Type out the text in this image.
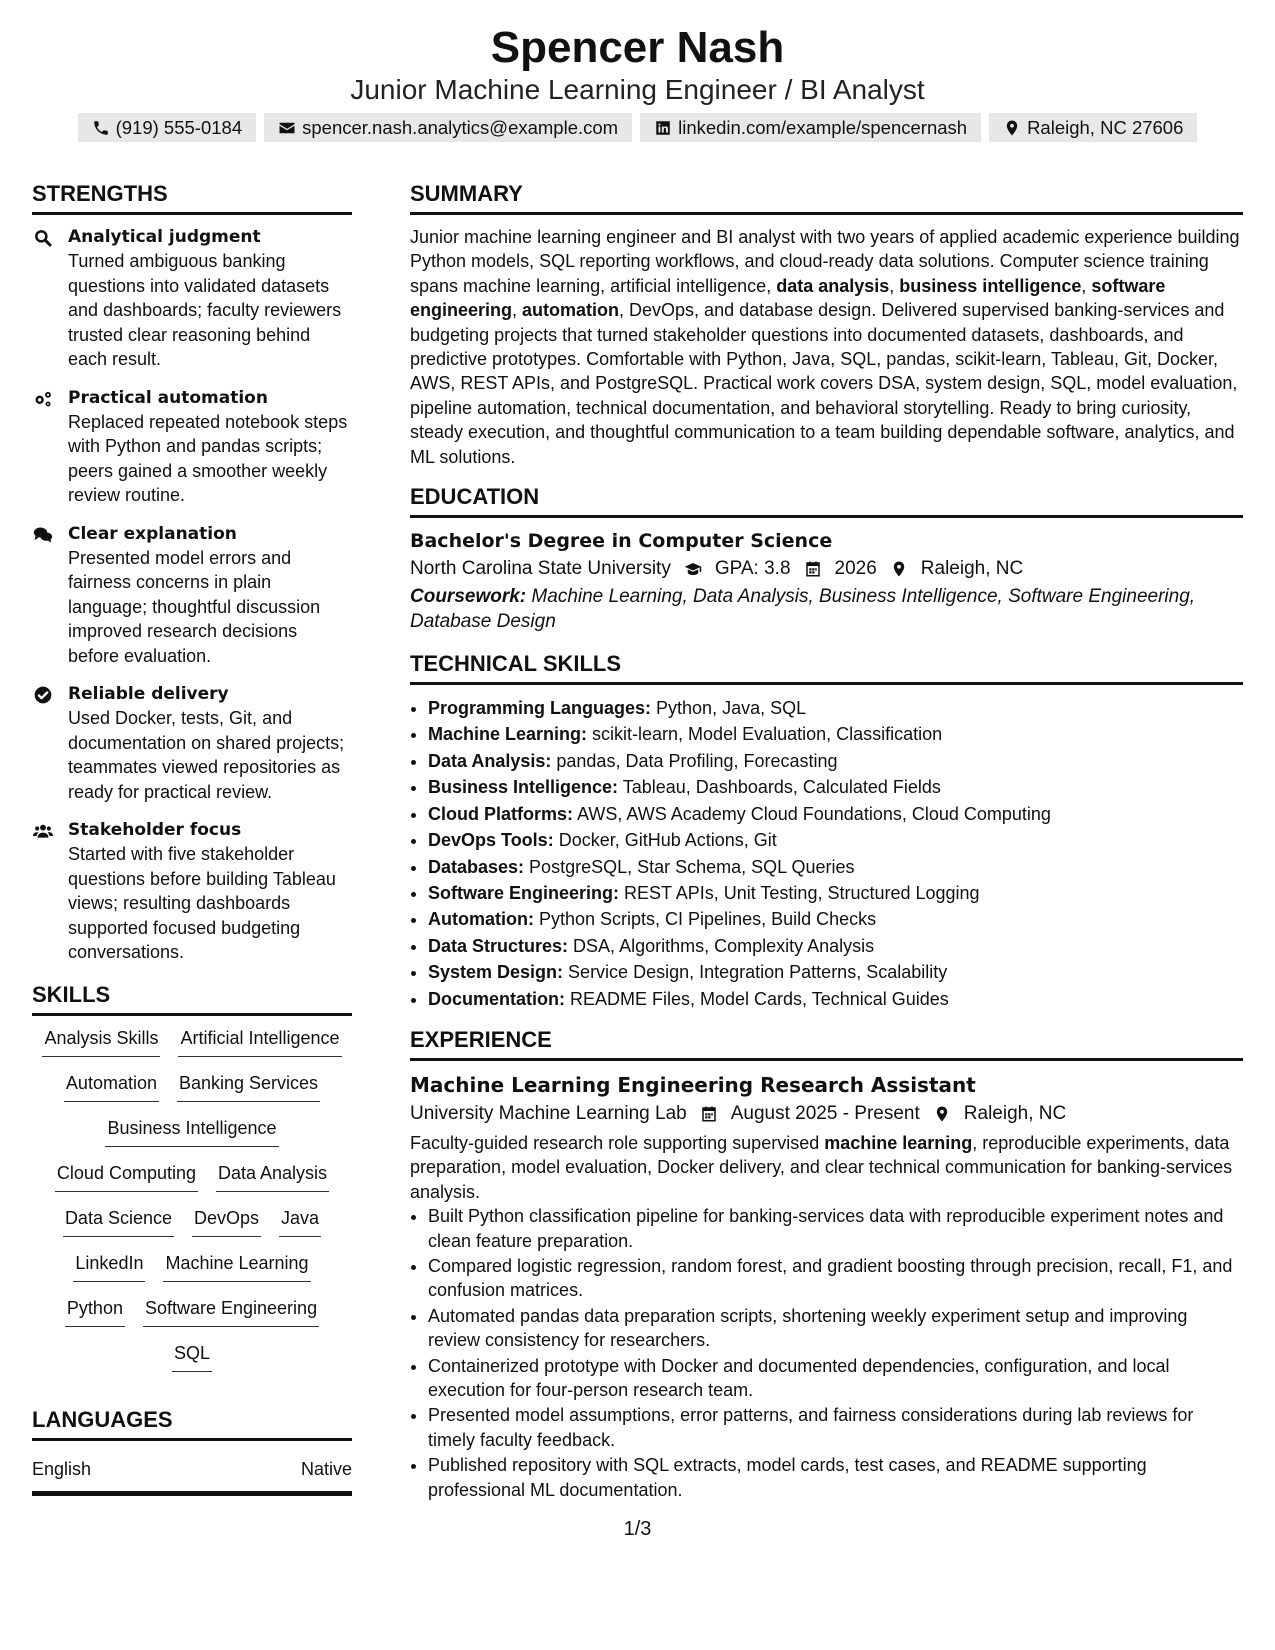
Spencer Nash
Junior Machine Learning Engineer / BI Analyst
(919) 555-0184	spencer.nash.analytics@example.com	linkedin.com/example/spencernash	Raleigh, NC 27606
STRENGTHS
Analytical judgment
Turned ambiguous banking questions into validated datasets and dashboards; faculty reviewers trusted clear reasoning behind each result.
Practical automation
Replaced repeated notebook steps with Python and pandas scripts; peers gained a smoother weekly review routine.
Clear explanation
Presented model errors and fairness concerns in plain language; thoughtful discussion improved research decisions before evaluation.
Reliable delivery
Used Docker, tests, Git, and documentation on shared projects; teammates viewed repositories as ready for practical review.
Stakeholder focus
Started with five stakeholder questions before building Tableau views; resulting dashboards supported focused budgeting conversations.
SKILLS
Analysis Skills Artificial Intelligence
Automation Banking Services
Business Intelligence
Cloud Computing Data Analysis
Data Science DevOps Java
LinkedIn Machine Learning
Python Software Engineering
SQL
LANGUAGES
English	Native
SUMMARY

Junior machine learning engineer and BI analyst with two years of applied academic experience building Python models, SQL reporting workflows, and cloud-ready data solutions. Computer science training spans machine learning, artificial intelligence, data analysis, business intelligence, software engineering, automation, DevOps, and database design. Delivered supervised banking-services and budgeting projects that turned stakeholder questions into documented datasets, dashboards, and predictive prototypes. Comfortable with Python, Java, SQL, pandas, scikit-learn, Tableau, Git, Docker, AWS, REST APIs, and PostgreSQL. Practical work covers DSA, system design, SQL, model evaluation, pipeline automation, technical documentation, and behavioral storytelling. Ready to bring curiosity, steady execution, and thoughtful communication to a team building dependable software, analytics, and ML solutions.

EDUCATION
Bachelor's Degree in Computer Science
North Carolina State University GPA: 3.8 2026 Raleigh, NC
Coursework: Machine Learning, Data Analysis, Business Intelligence, Software Engineering, Database Design
TECHNICAL SKILLS
• Programming Languages: Python, Java, SQL
• Machine Learning: scikit-learn, Model Evaluation, Classification
• Data Analysis: pandas, Data Profiling, Forecasting
• Business Intelligence: Tableau, Dashboards, Calculated Fields
• Cloud Platforms: AWS, AWS Academy Cloud Foundations, Cloud Computing
• DevOps Tools: Docker, GitHub Actions, Git
• Databases: PostgreSQL, Star Schema, SQL Queries
• Software Engineering: REST APIs, Unit Testing, Structured Logging
• Automation: Python Scripts, CI Pipelines, Build Checks
• Data Structures: DSA, Algorithms, Complexity Analysis
• System Design: Service Design, Integration Patterns, Scalability
• Documentation: README Files, Model Cards, Technical Guides
EXPERIENCE
Machine Learning Engineering Research Assistant
University Machine Learning Lab August 2025 - Present Raleigh, NC
Faculty-guided research role supporting supervised machine learning, reproducible experiments, data preparation, model evaluation, Docker delivery, and clear technical communication for banking-services analysis.
• Built Python classification pipeline for banking-services data with reproducible experiment notes and clean feature preparation.
• Compared logistic regression, random forest, and gradient boosting through precision, recall, F1, and confusion matrices.
• Automated pandas data preparation scripts, shortening weekly experiment setup and improving review consistency for researchers.
• Containerized prototype with Docker and documented dependencies, configuration, and local execution for four-person research team.
• Presented model assumptions, error patterns, and fairness considerations during lab reviews for timely faculty feedback.
• Published repository with SQL extracts, model cards, test cases, and README supporting professional ML documentation.
1/3
